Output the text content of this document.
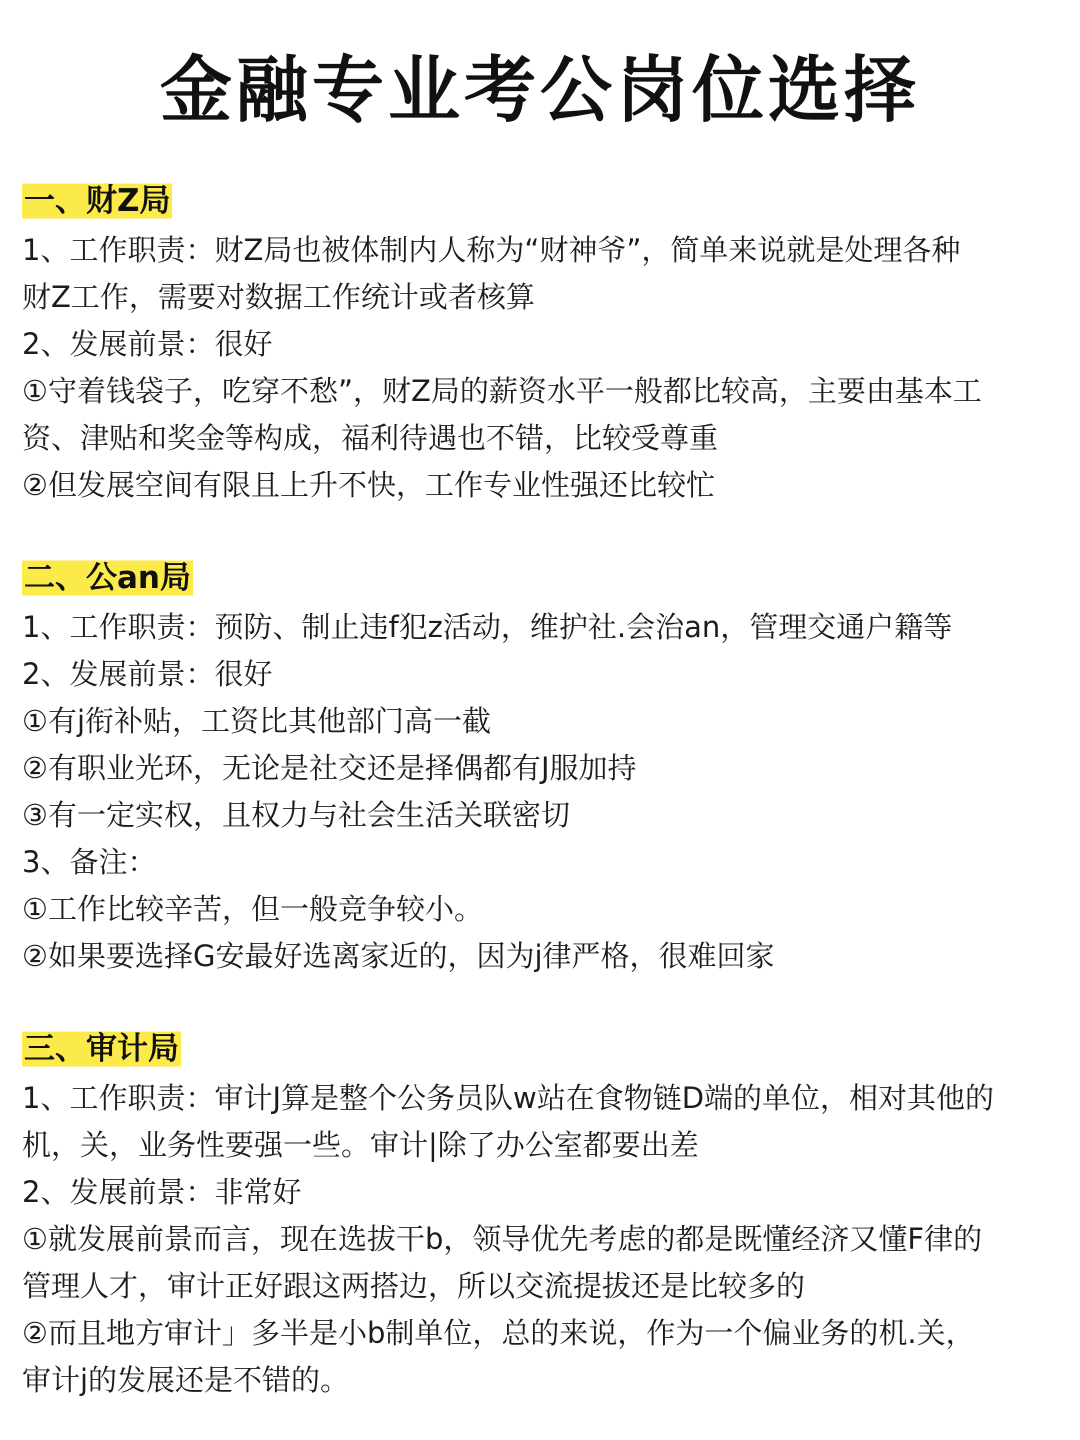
金融专业考公岗位选择
一、财Z局
1、工作职责：财Z局也被体制内人称为“财神爷”，简单来说就是处理各种
财Z工作，需要对数据工作统计或者核算
2、发展前景：很好
①守着钱袋子，吃穿不愁”，财Z局的薪资水平一般都比较高，主要由基本工
资、津贴和奖金等构成，福利待遇也不错，比较受尊重
②但发展空间有限且上升不快，工作专业性强还比较忙
二、公an局
1、工作职责：预防、制止违f犯z活动，维护社.会治an，管理交通户籍等
2、发展前景：很好
①有j衔补贴，工资比其他部门高一截
②有职业光环，无论是社交还是择偶都有J服加持
③有一定实权，且权力与社会生活关联密切
3、备注：
①工作比较辛苦，但一般竞争较小。
②如果要选择G安最好选离家近的，因为j律严格，很难回家
三、审计局
1、工作职责：审计J算是整个公务员队w站在食物链D端的单位，相对其他的
机，关，业务性要强一些。审计|除了办公室都要出差
2、发展前景：非常好
①就发展前景而言，现在选拔干b，领导优先考虑的都是既懂经济又懂F律的
管理人才，审计正好跟这两搭边，所以交流提拔还是比较多的
②而且地方审计」多半是小b制单位，总的来说，作为一个偏业务的机.关，
审计j的发展还是不错的。
